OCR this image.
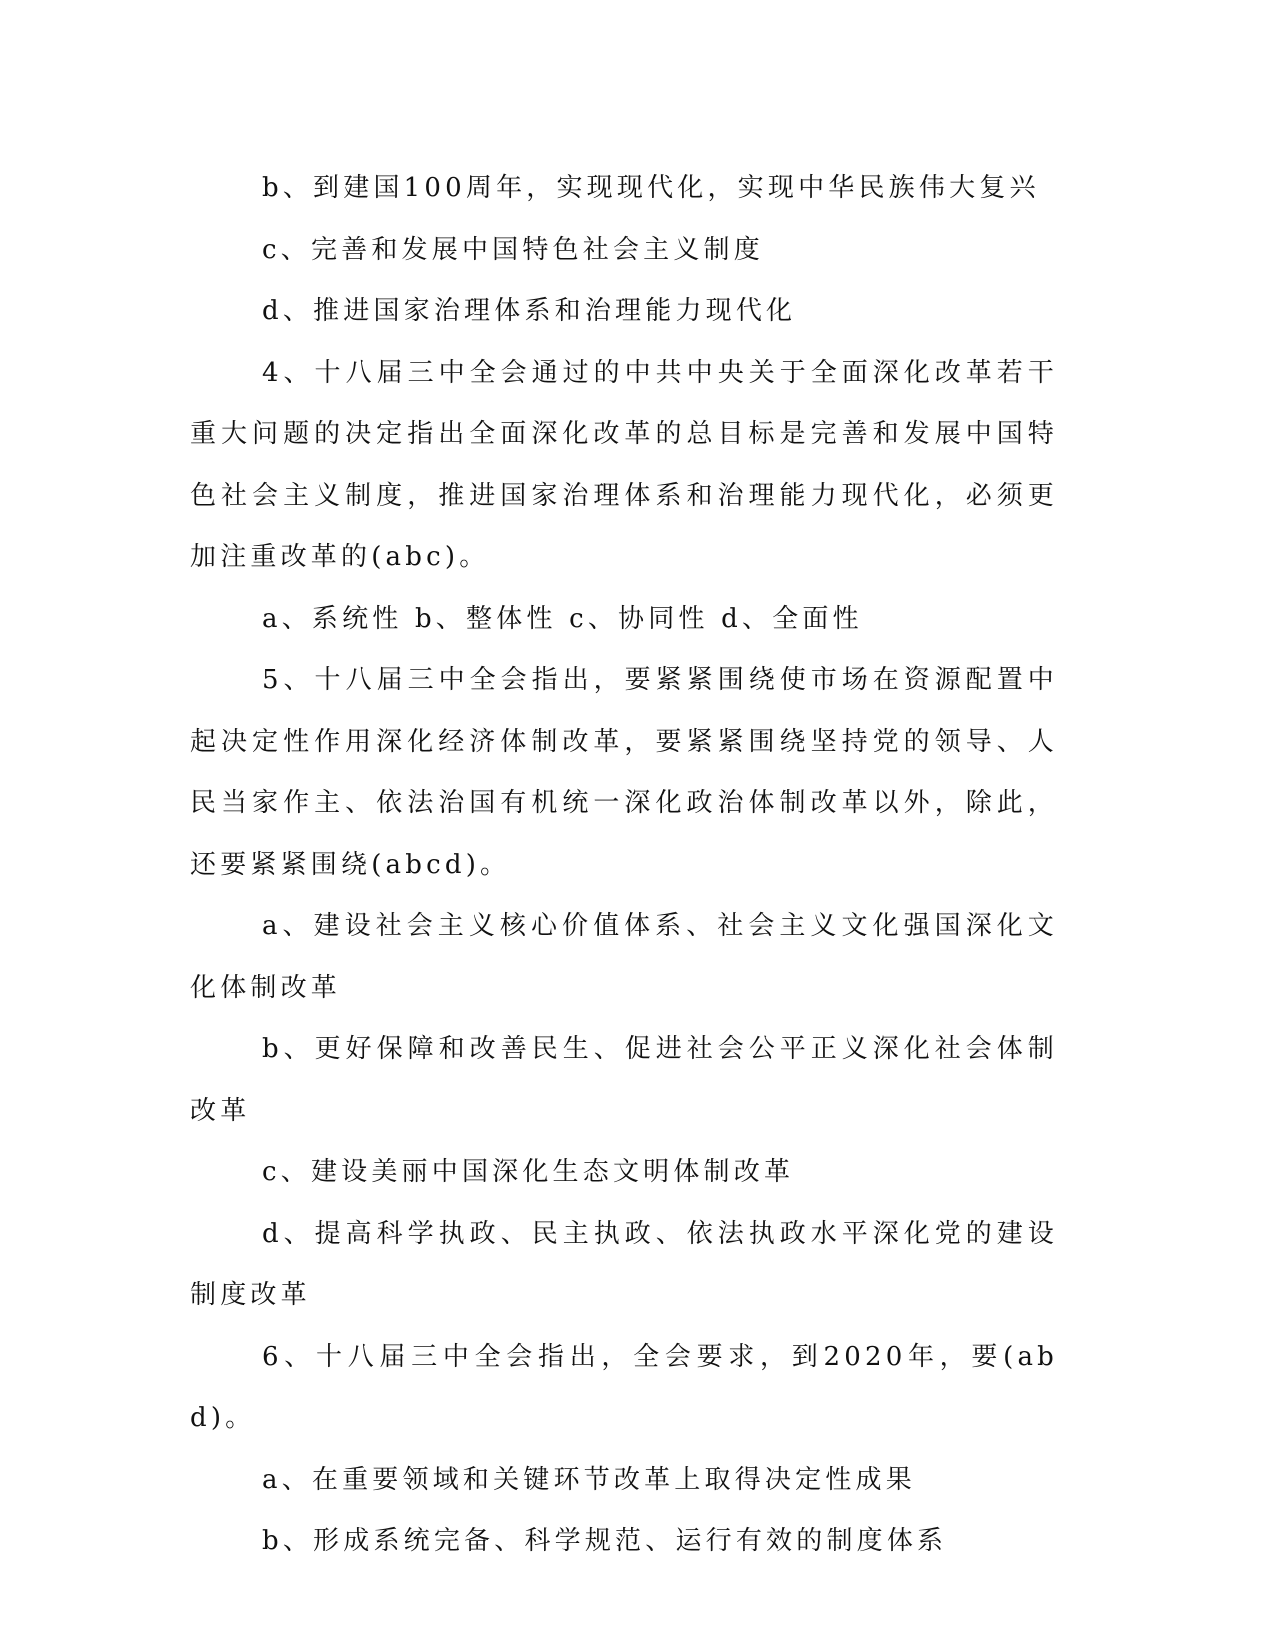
b、到建国100周年，实现现代化，实现中华民族伟大复兴

c、完善和发展中国特色社会主义制度

d、推进国家治理体系和治理能力现代化

4、十八届三中全会通过的中共中央关于全面深化改革若干重大问题的决定指出全面深化改革的总目标是完善和发展中国特色社会主义制度，推进国家治理体系和治理能力现代化，必须更加注重改革的(abc)。

a、系统性 b、整体性 c、协同性 d、全面性

5、十八届三中全会指出，要紧紧围绕使市场在资源配置中起决定性作用深化经济体制改革，要紧紧围绕坚持党的领导、人民当家作主、依法治国有机统一深化政治体制改革以外，除此，还要紧紧围绕(abcd)。

a、建设社会主义核心价值体系、社会主义文化强国深化文化体制改革

b、更好保障和改善民生、促进社会公平正义深化社会体制改革

c、建设美丽中国深化生态文明体制改革

d、提高科学执政、民主执政、依法执政水平深化党的建设制度改革

6、十八届三中全会指出，全会要求，到2020年，要(abd)。

a、在重要领域和关键环节改革上取得决定性成果

b、形成系统完备、科学规范、运行有效的制度体系
